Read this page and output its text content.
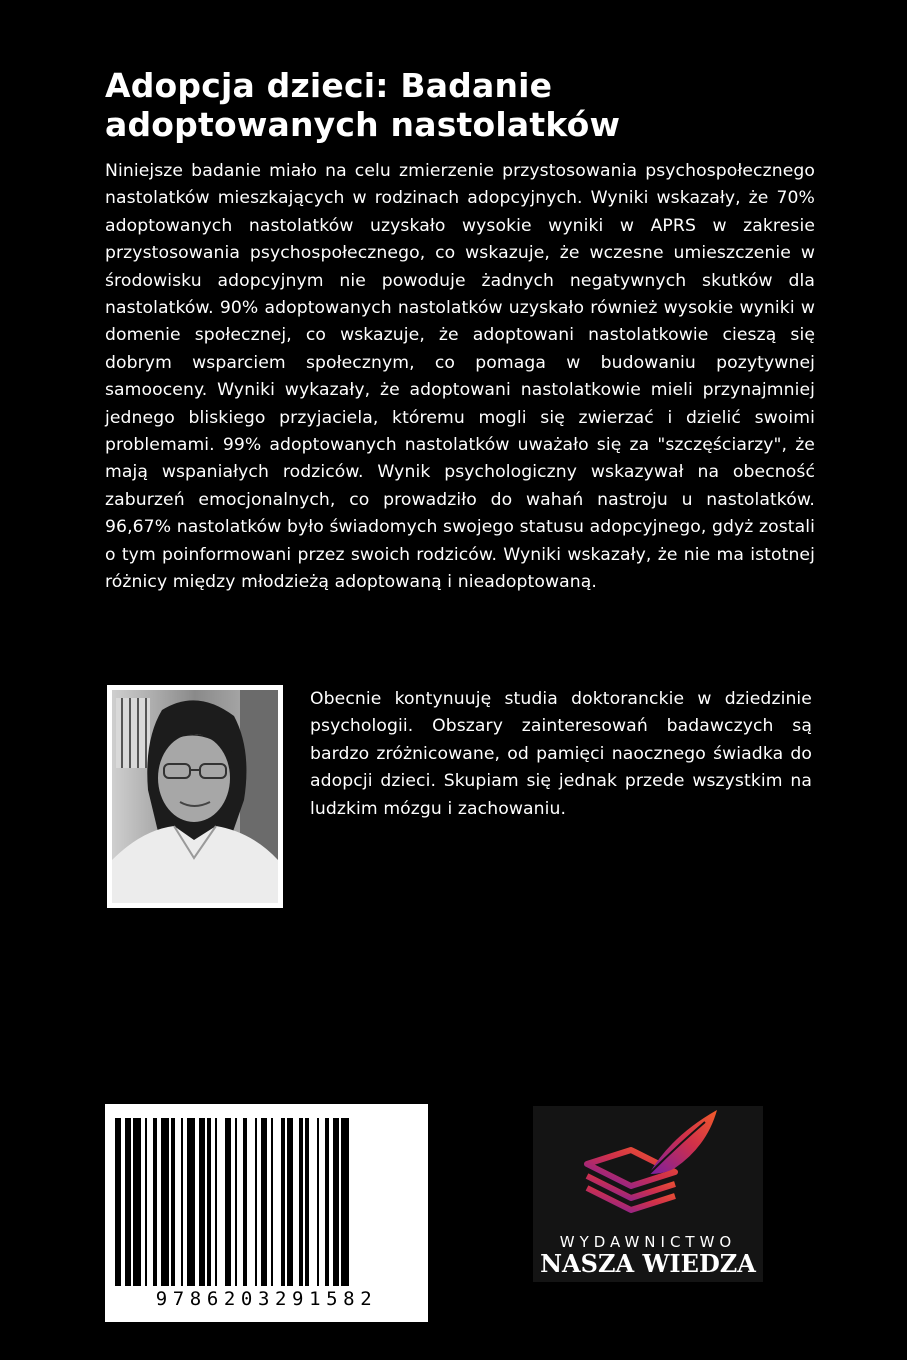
Adopcja dzieci: Badanie
adoptowanych nastolatków

Niniejsze badanie miało na celu zmierzenie przystosowania psychospołecznego nastolatków mieszkających w rodzinach adopcyjnych. Wyniki wskazały, że 70% adoptowanych nastolatków uzyskało wysokie wyniki w APRS w zakresie przystosowania psychospołecznego, co wskazuje, że wczesne umieszczenie w środowisku adopcyjnym nie powoduje żadnych negatywnych skutków dla nastolatków. 90% adoptowanych nastolatków uzyskało również wysokie wyniki w domenie społecznej, co wskazuje, że adoptowani nastolatkowie cieszą się dobrym wsparciem społecznym, co pomaga w budowaniu pozytywnej samooceny. Wyniki wykazały, że adoptowani nastolatkowie mieli przynajmniej jednego bliskiego przyjaciela, któremu mogli się zwierzać i dzielić swoimi problemami. 99% adoptowanych nastolatków uważało się za "szczęściarzy", że mają wspaniałych rodziców. Wynik psychologiczny wskazywał na obecność zaburzeń emocjonalnych, co prowadziło do wahań nastroju u nastolatków. 96,67% nastolatków było świadomych swojego statusu adopcyjnego, gdyż zostali o tym poinformowani przez swoich rodziców. Wyniki wskazały, że nie ma istotnej różnicy między młodzieżą adoptowaną i nieadoptowaną.

Obecnie kontynuuję studia doktoranckie w dziedzinie psychologii. Obszary zainteresowań badawczych są bardzo zróżnicowane, od pamięci naocznego świadka do adopcji dzieci. Skupiam się jednak przede wszystkim na ludzkim mózgu i zachowaniu.

9786203291582
WYDAWNICTWO
NASZA WIEDZA
